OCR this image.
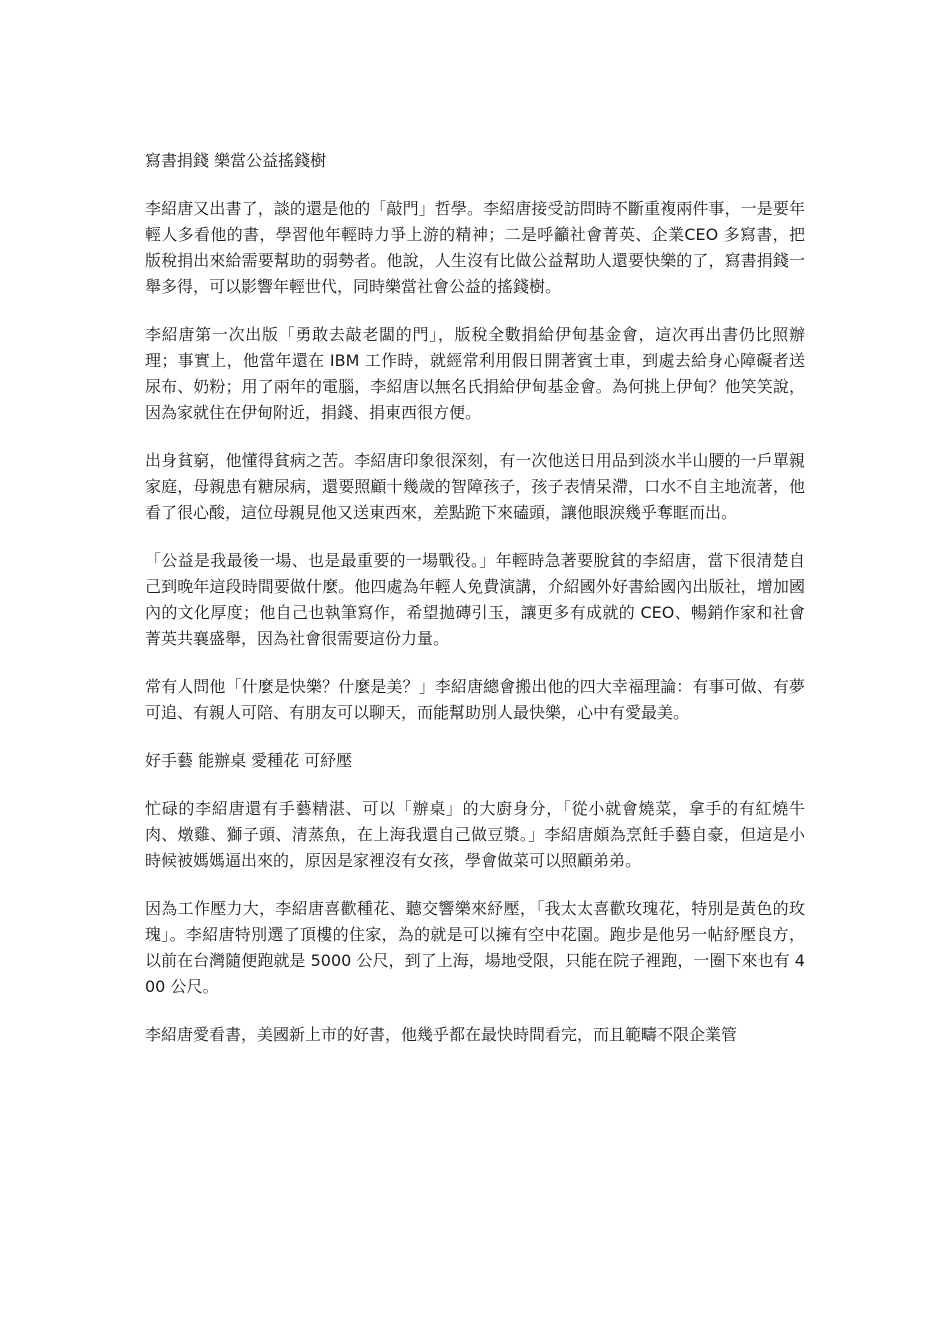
寫書捐錢 樂當公益搖錢樹

李紹唐又出書了，談的還是他的「敲門」哲學。李紹唐接受訪問時不斷重複兩件事，一是要年輕人多看他的書，學習他年輕時力爭上游的精神；二是呼籲社會菁英、企業CEO 多寫書，把版稅捐出來給需要幫助的弱勢者。他說，人生沒有比做公益幫助人還要快樂的了，寫書捐錢一舉多得，可以影響年輕世代，同時樂當社會公益的搖錢樹。

李紹唐第一次出版「勇敢去敲老闆的門」，版稅全數捐給伊甸基金會，這次再出書仍比照辦理；事實上，他當年還在 IBM 工作時，就經常利用假日開著賓士車，到處去給身心障礙者送尿布、奶粉；用了兩年的電腦，李紹唐以無名氏捐給伊甸基金會。為何挑上伊甸？他笑笑說，因為家就住在伊甸附近，捐錢、捐東西很方便。

出身貧窮，他懂得貧病之苦。李紹唐印象很深刻，有一次他送日用品到淡水半山腰的一戶單親家庭，母親患有糖尿病，還要照顧十幾歲的智障孩子，孩子表情呆滯，口水不自主地流著，他看了很心酸，這位母親見他又送東西來，差點跪下來磕頭，讓他眼淚幾乎奪眶而出。

「公益是我最後一場、也是最重要的一場戰役。」年輕時急著要脫貧的李紹唐，當下很清楚自己到晚年這段時間要做什麼。他四處為年輕人免費演講，介紹國外好書給國內出版社，增加國內的文化厚度；他自己也執筆寫作，希望拋磚引玉，讓更多有成就的 CEO、暢銷作家和社會菁英共襄盛舉，因為社會很需要這份力量。

常有人問他「什麼是快樂？什麼是美？」李紹唐總會搬出他的四大幸福理論：有事可做、有夢可追、有親人可陪、有朋友可以聊天，而能幫助別人最快樂，心中有愛最美。

好手藝 能辦桌 愛種花 可紓壓

忙碌的李紹唐還有手藝精湛、可以「辦桌」的大廚身分，「從小就會燒菜，拿手的有紅燒牛肉、燉雞、獅子頭、清蒸魚，在上海我還自己做豆漿。」李紹唐頗為烹飪手藝自豪，但這是小時候被媽媽逼出來的，原因是家裡沒有女孩，學會做菜可以照顧弟弟。

因為工作壓力大，李紹唐喜歡種花、聽交響樂來紓壓，「我太太喜歡玫瑰花，特別是黃色的玫瑰」。李紹唐特別選了頂樓的住家，為的就是可以擁有空中花園。跑步是他另一帖紓壓良方，以前在台灣隨便跑就是 5000 公尺，到了上海，場地受限，只能在院子裡跑，一圈下來也有 400 公尺。

李紹唐愛看書，美國新上市的好書，他幾乎都在最快時間看完，而且範疇不限企業管
